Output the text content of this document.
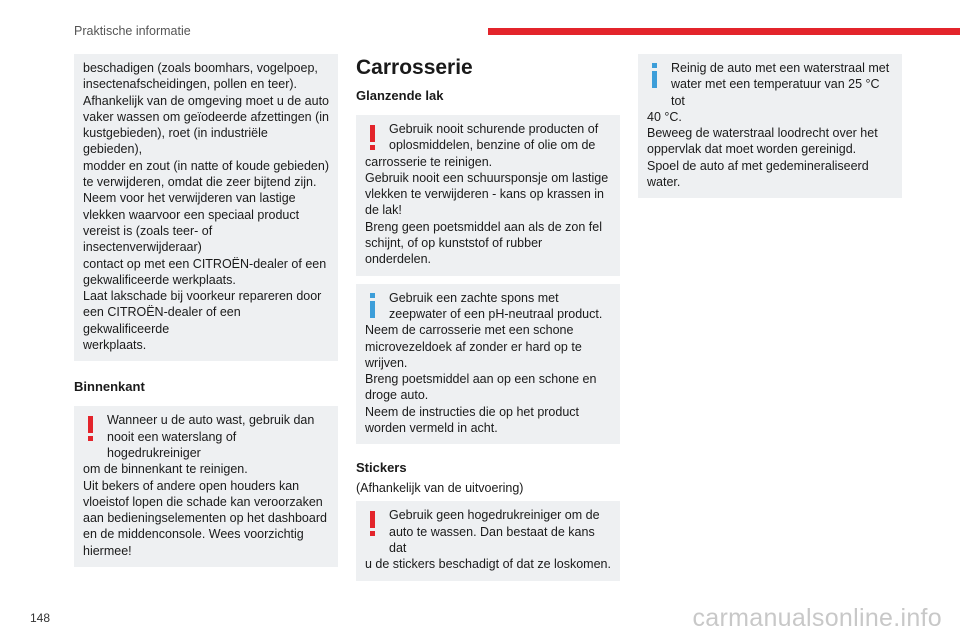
Praktische informatie

beschadigen (zoals boomhars, vogelpoep,

insectenafscheidingen, pollen en teer).

Afhankelijk van de omgeving moet u de auto

vaker wassen om geïodeerde afzettingen (in

kustgebieden), roet (in industriële gebieden),

modder en zout (in natte of koude gebieden)

te verwijderen, omdat die zeer bijtend zijn.

Neem voor het verwijderen van lastige

vlekken waarvoor een speciaal product

vereist is (zoals teer- of insectenverwijderaar)

contact op met een CITROËN-dealer of een

gekwalificeerde werkplaats.

Laat lakschade bij voorkeur repareren door

een CITROËN-dealer of een gekwalificeerde

werkplaats.

Binnenkant

Wanneer u de auto wast, gebruik dan

nooit een waterslang of hogedrukreiniger

om de binnenkant te reinigen.

Uit bekers of andere open houders kan

vloeistof lopen die schade kan veroorzaken

aan bedieningselementen op het dashboard

en de middenconsole. Wees voorzichtig

hiermee!

Carrosserie
Glanzende lak

Gebruik nooit schurende producten of

oplosmiddelen, benzine of olie om de

carrosserie te reinigen.

Gebruik nooit een schuursponsje om lastige

vlekken te verwijderen - kans op krassen in

de lak!

Breng geen poetsmiddel aan als de zon fel

schijnt, of op kunststof of rubber onderdelen.

Gebruik een zachte spons met

zeepwater of een pH-neutraal product.

Neem de carrosserie met een schone

microvezeldoek af zonder er hard op te

wrijven.

Breng poetsmiddel aan op een schone en

droge auto.

Neem de instructies die op het product

worden vermeld in acht.

Stickers

(Afhankelijk van de uitvoering)

Gebruik geen hogedrukreiniger om de

auto te wassen. Dan bestaat de kans dat

u de stickers beschadigt of dat ze loskomen.

Reinig de auto met een waterstraal met

water met een temperatuur van 25 °C tot

40 °C.

Beweeg de waterstraal loodrecht over het

oppervlak dat moet worden gereinigd.

Spoel de auto af met gedemineraliseerd

water.

148	carmanualsonline.info
